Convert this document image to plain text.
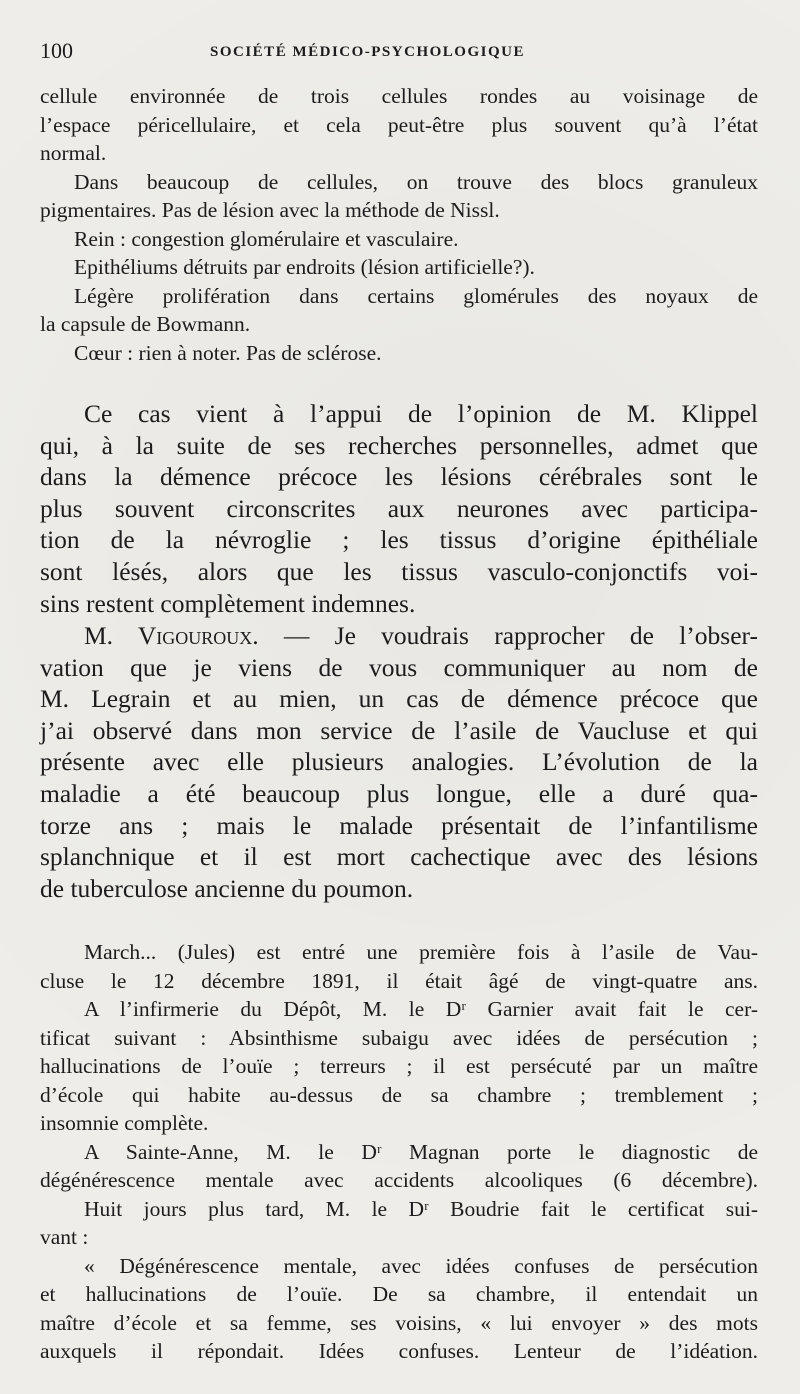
100	SOCIÉTÉ MÉDICO-PSYCHOLOGIQUE
cellule environnée de trois cellules rondes au voisinage de
l’espace péricellulaire, et cela peut-être plus souvent qu’à l’état
normal.
Dans beaucoup de cellules, on trouve des blocs granuleux
pigmentaires. Pas de lésion avec la méthode de Nissl.
Rein : congestion glomérulaire et vasculaire.
Epithéliums détruits par endroits (lésion artificielle?).
Légère prolifération dans certains glomérules des noyaux de
la capsule de Bowmann.
Cœur : rien à noter. Pas de sclérose.
Ce cas vient à l’appui de l’opinion de M. Klippel
qui, à la suite de ses recherches personnelles, admet que
dans la démence précoce les lésions cérébrales sont le
plus souvent circonscrites aux neurones avec participa-
tion de la névroglie ; les tissus d’origine épithéliale
sont lésés, alors que les tissus vasculo-conjonctifs voi-
sins restent complètement indemnes.
M. Vigouroux. — Je voudrais rapprocher de l’obser-
vation que je viens de vous communiquer au nom de
M. Legrain et au mien, un cas de démence précoce que
j’ai observé dans mon service de l’asile de Vaucluse et qui
présente avec elle plusieurs analogies. L’évolution de la
maladie a été beaucoup plus longue, elle a duré qua-
torze ans ; mais le malade présentait de l’infantilisme
splanchnique et il est mort cachectique avec des lésions
de tuberculose ancienne du poumon.
March... (Jules) est entré une première fois à l’asile de Vau-
cluse le 12 décembre 1891, il était âgé de vingt-quatre ans.
A l’infirmerie du Dépôt, M. le Dʳ Garnier avait fait le cer-
tificat suivant : Absinthisme subaigu avec idées de persécution ;
hallucinations de l’ouïe ; terreurs ; il est persécuté par un maître
d’école qui habite au-dessus de sa chambre ; tremblement ;
insomnie complète.
A Sainte-Anne, M. le Dʳ Magnan porte le diagnostic de
dégénérescence mentale avec accidents alcooliques (6 décembre).
Huit jours plus tard, M. le Dʳ Boudrie fait le certificat sui-
vant :
« Dégénérescence mentale, avec idées confuses de persécution
et hallucinations de l’ouïe. De sa chambre, il entendait un
maître d’école et sa femme, ses voisins, « lui envoyer » des mots
auxquels il répondait. Idées confuses. Lenteur de l’idéation.
